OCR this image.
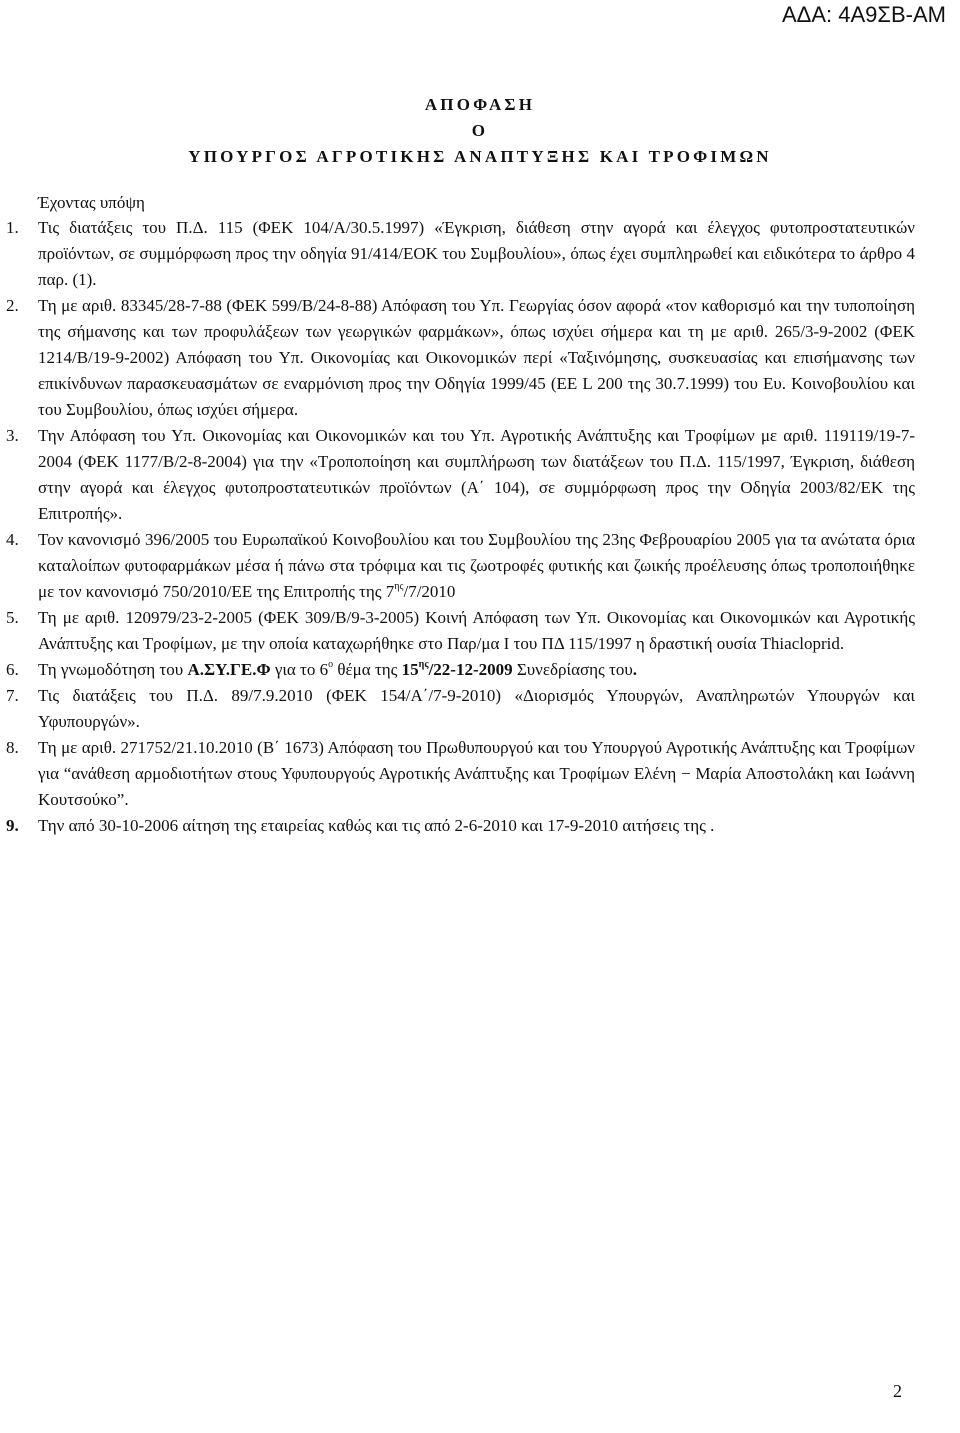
ΑΔΑ: 4Α9ΣΒ-ΑΜ
ΑΠΟΦΑΣΗ
Ο
ΥΠΟΥΡΓΟΣ ΑΓΡΟΤΙΚΗΣ ΑΝΑΠΤΥΞΗΣ ΚΑΙ ΤΡΟΦΙΜΩΝ
Έχοντας υπόψη
1.	Τις διατάξεις του Π.Δ. 115 (ΦΕΚ 104/Α/30.5.1997) «Έγκριση, διάθεση στην αγορά και έλεγχος φυτοπροστατευτικών προϊόντων, σε συμμόρφωση προς την οδηγία 91/414/ΕΟΚ του Συμβουλίου», όπως έχει συμπληρωθεί και ειδικότερα το άρθρο 4 παρ. (1).
2.	Τη με αριθ. 83345/28-7-88 (ΦΕΚ 599/Β/24-8-88) Απόφαση του Υπ. Γεωργίας όσον αφορά «τον καθορισμό και την τυποποίηση της σήμανσης και των προφυλάξεων των γεωργικών φαρμάκων», όπως ισχύει σήμερα και τη με αριθ. 265/3-9-2002 (ΦΕΚ 1214/Β/19-9-2002) Απόφαση του Υπ. Οικονομίας και Οικονομικών περί «Ταξινόμησης, συσκευασίας και επισήμανσης των επικίνδυνων παρασκευασμάτων σε εναρμόνιση προς την Οδηγία 1999/45 (ΕΕ L 200 της 30.7.1999) του Ευ. Κοινοβουλίου και του Συμβουλίου, όπως ισχύει σήμερα.
3.	Την Απόφαση του Υπ. Οικονομίας και Οικονομικών και του Υπ. Αγροτικής Ανάπτυξης και Τροφίμων με αριθ. 119119/19-7-2004 (ΦΕΚ 1177/Β/2-8-2004) για την «Τροποποίηση και συμπλήρωση των διατάξεων του Π.Δ. 115/1997, Έγκριση, διάθεση στην αγορά και έλεγχος φυτοπροστατευτικών προϊόντων (Α΄ 104), σε συμμόρφωση προς την Οδηγία 2003/82/ΕΚ της Επιτροπής».
4.	Τον κανονισμό 396/2005 του Ευρωπαϊκού Κοινοβουλίου και του Συμβουλίου της 23ης Φεβρουαρίου 2005 για τα ανώτατα όρια καταλοίπων φυτοφαρμάκων μέσα ή πάνω στα τρόφιμα και τις ζωοτροφές φυτικής και ζωικής προέλευσης όπως τροποποιήθηκε με τον κανονισμό 750/2010/ΕΕ της Επιτροπής της $7^{\eta\varsigma}/7/2010$
5.	Τη με αριθ. 120979/23-2-2005 (ΦΕΚ 309/Β/9-3-2005) Κοινή Απόφαση των Υπ. Οικονομίας και Οικονομικών και Αγροτικής Ανάπτυξης και Τροφίμων, με την οποία καταχωρήθηκε στο Παρ/μα Ι του ΠΔ 115/1997 η δραστική ουσία Thiacloprid.
6.	Τη γνωμοδότηση του Α.ΣΥ.ΓΕ.Φ για το $6^o$ θέμα της $15^{\eta\varsigma}/22-12-2009$ Συνεδρίασης του.
7.	Τις διατάξεις του Π.Δ. 89/7.9.2010 (ΦΕΚ 154/Α΄/7-9-2010) «Διορισμός Υπουργών, Αναπληρωτών Υπουργών και Υφυπουργών».
8.	Τη με αριθ. 271752/21.10.2010 (Β΄ 1673) Απόφαση του Πρωθυπουργού και του Υπουργού Αγροτικής Ανάπτυξης και Τροφίμων για “ανάθεση αρμοδιοτήτων στους Υφυπουργούς Αγροτικής Ανάπτυξης και Τροφίμων Ελένη − Μαρία Αποστολάκη και Ιωάννη Κουτσούκο”.
9.	Την από 30-10-2006 αίτηση της εταιρείας καθώς και τις από 2-6-2010 και 17-9-2010 αιτήσεις της .
2
